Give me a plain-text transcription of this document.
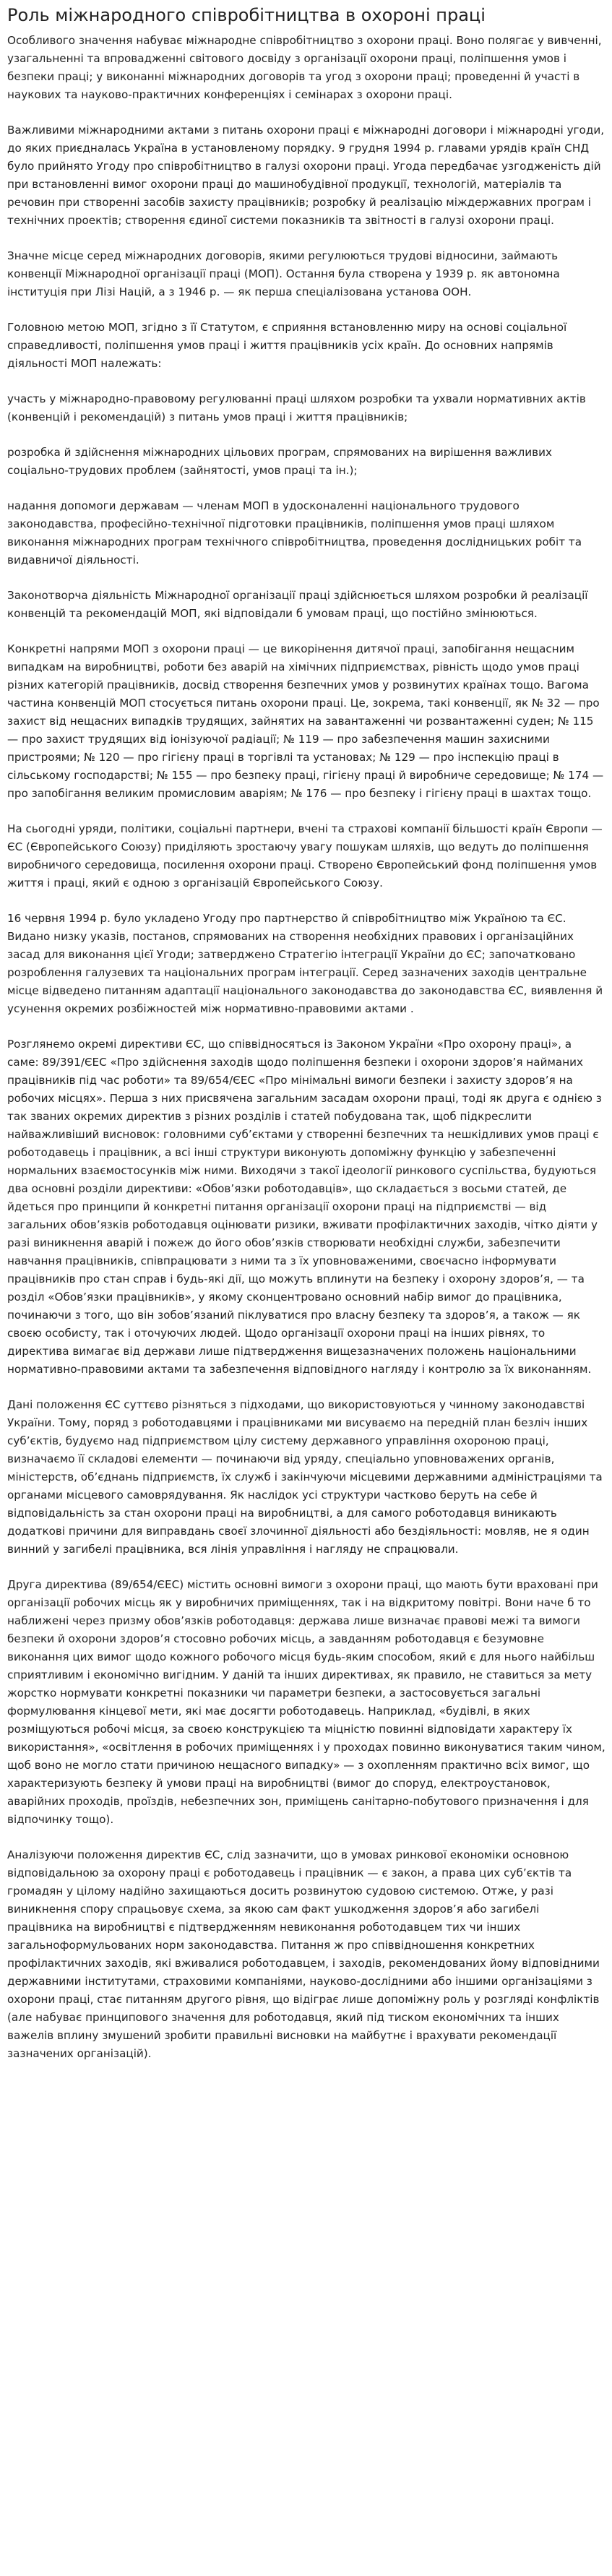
Роль міжнародного співробітництва в охороні праці

Особливого значення набуває міжнародне співробітництво з охорони праці. Воно полягає у вивченні, узагальненні та впровадженні світового досвіду з організації охорони праці, поліпшення умов і безпеки праці; у виконанні міжнародних договорів та угод з охорони праці; проведенні й участі в наукових та науково-практичних конференціях і семінарах з охорони праці.

Важливими міжнародними актами з питань охорони праці є міжнародні договори і міжнародні угоди, до яких приєдналась Україна в установленому порядку. 9 грудня 1994 р. главами урядів країн СНД було прийнято Угоду про співробітництво в галузі охорони праці. Угода передбачає узгодженість дій при встановленні вимог охорони праці до машинобудівної продукції, технологій, матеріалів та речовин при створенні засобів захисту працівників; розробку й реалізацію міждержавних програм і технічних проектів; створення єдиної системи показників та звітності в галузі охорони праці.

Значне місце серед міжнародних договорів, якими регулюються трудові відносини, займають конвенції Міжнародної організації праці (МОП). Остання була створена у 1939 р. як автономна інституція при Лізі Націй, а з 1946 р. — як перша спеціалізована установа ООН.

Головною метою МОП, згідно з її Статутом, є сприяння встановленню миру на основі соціальної справедливості, поліпшення умов праці і життя працівників усіх країн. До основних напрямів діяльності МОП належать:

участь у міжнародно-правовому регулюванні праці шляхом розробки та ухвали нормативних актів (конвенцій і рекомендацій) з питань умов праці і життя працівників;

розробка й здійснення міжнародних цільових програм, спрямованих на вирішення важливих соціально-трудових проблем (зайнятості, умов праці та ін.);

надання допомоги державам — членам МОП в удосконаленні національного трудового законодавства, професійно-технічної підготовки працівників, поліпшення умов праці шляхом виконання міжнародних програм технічного співробітництва, проведення дослідницьких робіт та видавничої діяльності.

Законотворча діяльність Міжнародної організації праці здійснюється шляхом розробки й реалізації конвенцій та рекомендацій МОП, які відповідали б умовам праці, що постійно змінюються.

Конкретні напрями МОП з охорони праці — це викорінення дитячої праці, запобігання нещасним випадкам на виробництві, роботи без аварій на хімічних підприємствах, рівність щодо умов праці різних категорій працівників, досвід створення безпечних умов у розвинутих країнах тощо. Вагома частина конвенцій МОП стосується питань охорони праці. Це, зокрема, такі конвенції, як № 32 — про захист від нещасних випадків трудящих, зайнятих на завантаженні чи розвантаженні суден; № 115 — про захист трудящих від іонізуючої радіації; № 119 — про забезпечення машин захисними пристроями; № 120 — про гігієну праці в торгівлі та установах; № 129 — про інспекцію праці в сільському господарстві; № 155 — про безпеку праці, гігієну праці й виробниче середовище; № 174 — про запобігання великим промисловим аваріям; № 176 — про безпеку і гігієну праці в шахтах тощо.

На сьогодні уряди, політики, соціальні партнери, вчені та страхові компанії більшості країн Європи — ЄС (Європейського Союзу) приділяють зростаючу увагу пошукам шляхів, що ведуть до поліпшення виробничого середовища, посилення охорони праці. Створено Європейський фонд поліпшення умов життя і праці, який є одною з організацій Європейського Союзу.

16 червня 1994 р. було укладено Угоду про партнерство й співробітництво між Україною та ЄС. Видано низку указів, постанов, спрямованих на створення необхідних правових і організаційних засад для виконання цієї Угоди; затверджено Стратегію інтеграції України до ЄС; започатковано розроблення галузевих та національних програм інтеграції. Серед зазначених заходів центральне місце відведено питанням адаптації національного законодавства до законодавства ЄС, виявлення й усунення окремих розбіжностей між нормативно-правовими актами .

Розглянемо окремі директиви ЄС, що співвідносяться із Законом України «Про охорону праці», а саме: 89/391/ЄЕС «Про здійснення заходів щодо поліпшення безпеки і охорони здоров’я найманих працівників під час роботи» та 89/654/ЄЕС «Про мінімальні вимоги безпеки і захисту здоров’я на робочих місцях». Перша з них присвячена загальним засадам охорони праці, тоді як друга є однією з так званих окремих директив з різних розділів і статей побудована так, щоб підкреслити найважливіший висновок: головними суб’єктами у створенні безпечних та нешкідливих умов праці є роботодавець і працівник, а всі інші структури виконують допоміжну функцію у забезпеченні нормальних взаємостосунків між ними. Виходячи з такої ідеології ринкового суспільства, будуються два основні розділи директиви: «Обов’язки роботодавців», що складається з восьми статей, де йдеться про принципи й конкретні питання організації охорони праці на підприємстві — від загальних обов’язків роботодавця оцінювати ризики, вживати профілактичних заходів, чітко діяти у разі виникнення аварій і пожеж до його обов’язків створювати необхідні служби, забезпечити навчання працівників, співпрацювати з ними та з їх уповноваженими, своєчасно інформувати працівників про стан справ і будь-які дії, що можуть вплинути на безпеку і охорону здоров’я, — та розділ «Обов’язки працівників», у якому сконцентровано основний набір вимог до працівника, починаючи з того, що він зобов’язаний піклуватися про власну безпеку та здоров’я, а також — як своєю особисту, так і оточуючих людей. Щодо організації охорони праці на інших рівнях, то директива вимагає від держави лише підтвердження вищезазначених положень національними нормативно-правовими актами та забезпечення відповідного нагляду і контролю за їх виконанням.

Дані положення ЄС суттєво різняться з підходами, що використовуються у чинному законодавстві України. Тому, поряд з роботодавцями і працівниками ми висуваємо на передній план безліч інших суб’єктів, будуємо над підприємством цілу систему державного управління охороною праці, визначаємо її складові елементи — починаючи від уряду, спеціально уповноважених органів, міністерств, об’єднань підприємств, їх служб і закінчуючи місцевими державними адміністраціями та органами місцевого самоврядування. Як наслідок усі структури частково беруть на себе й відповідальність за стан охорони праці на виробництві, а для самого роботодавця виникають додаткові причини для виправдань своєї злочинної діяльності або бездіяльності: мовляв, не я один винний у загибелі працівника, вся лінія управління і нагляду не спрацювали.

Друга директива (89/654/ЄЕС) містить основні вимоги з охорони праці, що мають бути враховані при організації робочих місць як у виробничих приміщеннях, так і на відкритому повітрі. Вони наче б то наближені через призму обов’язків роботодавця: держава лише визначає правові межі та вимоги безпеки й охорони здоров’я стосовно робочих місць, а завданням роботодавця є безумовне виконання цих вимог щодо кожного робочого місця будь-яким способом, який є для нього найбільш сприятливим і економічно вигідним. У даній та інших директивах, як правило, не ставиться за мету жорстко нормувати конкретні показники чи параметри безпеки, а застосовується загальні формулювання кінцевої мети, які має досягти роботодавець. Наприклад, «будівлі, в яких розміщуються робочі місця, за своєю конструкцією та міцністю повинні відповідати характеру їх використання», «освітлення в робочих приміщеннях і у проходах повинно виконуватися таким чином, щоб воно не могло стати причиною нещасного випадку» — з охопленням практично всіх вимог, що характеризують безпеку й умови праці на виробництві (вимог до споруд, електроустановок, аварійних проходів, проїздів, небезпечних зон, приміщень санітарно-побутового призначення і для відпочинку тощо).

Аналізуючи положення директив ЄС, слід зазначити, що в умовах ринкової економіки основною відповідальною за охорону праці є роботодавець і працівник — є закон, а права цих суб’єктів та громадян у цілому надійно захищаються досить розвинутою судовою системою. Отже, у разі виникнення спору спрацьовує схема, за якою сам факт ушкодження здоров’я або загибелі працівника на виробництві є підтвердженням невиконання роботодавцем тих чи інших загальноформульованих норм законодавства. Питання ж про співвідношення конкретних профілактичних заходів, які вживалися роботодавцем, і заходів, рекомендованих йому відповідними державними інститутами, страховими компаніями, науково-дослідними або іншими організаціями з охорони праці, стає питанням другого рівня, що відіграє лише допоміжну роль у розгляді конфліктів (але набуває принципового значення для роботодавця, який під тиском економічних та інших важелів вплину змушений зробити правильні висновки на майбутнє і врахувати рекомендації зазначених організацій).
